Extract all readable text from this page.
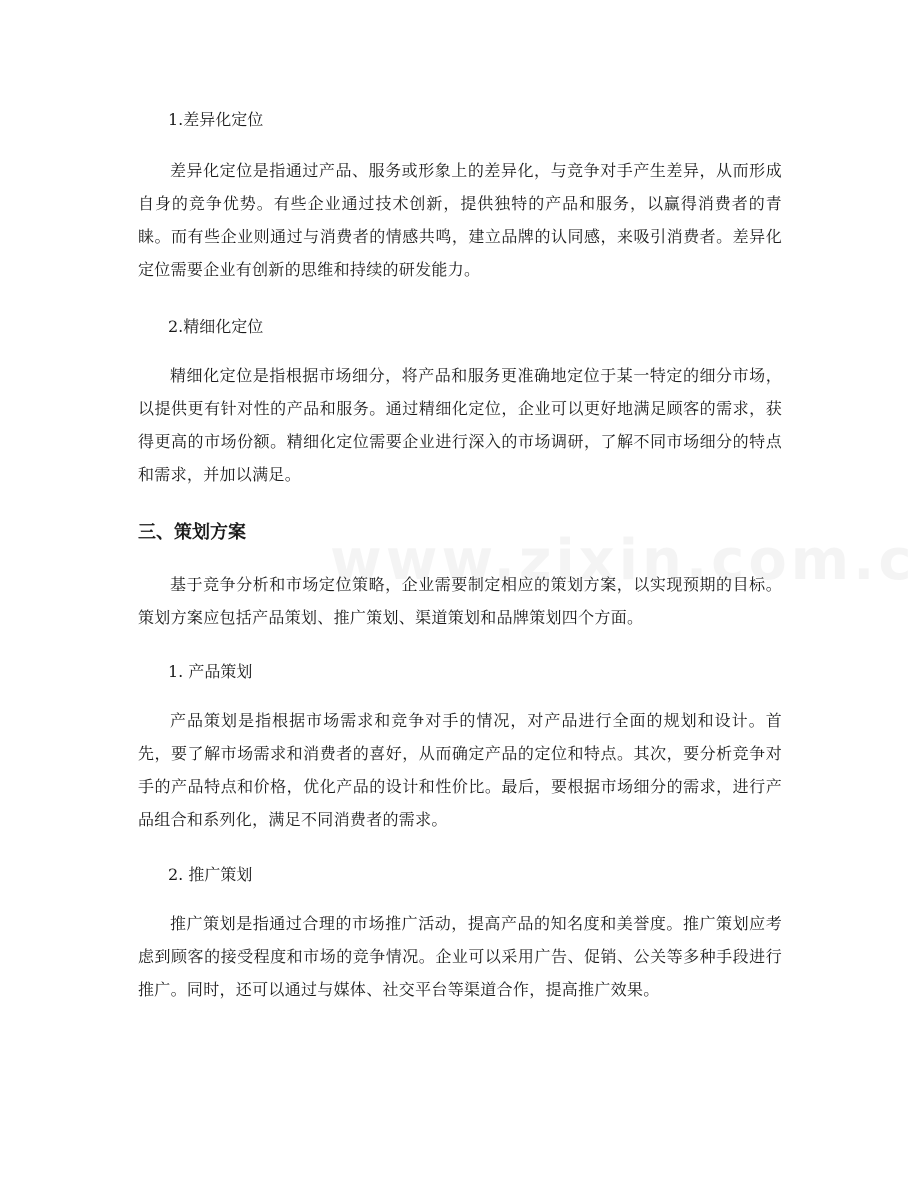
1.差异化定位

差异化定位是指通过产品、服务或形象上的差异化，与竞争对手产生差异，从而形成自身的竞争优势。有些企业通过技术创新，提供独特的产品和服务，以赢得消费者的青睐。而有些企业则通过与消费者的情感共鸣，建立品牌的认同感，来吸引消费者。差异化定位需要企业有创新的思维和持续的研发能力。

2.精细化定位

精细化定位是指根据市场细分，将产品和服务更准确地定位于某一特定的细分市场，以提供更有针对性的产品和服务。通过精细化定位，企业可以更好地满足顾客的需求，获得更高的市场份额。精细化定位需要企业进行深入的市场调研，了解不同市场细分的特点和需求，并加以满足。

三、策划方案

基于竞争分析和市场定位策略，企业需要制定相应的策划方案，以实现预期的目标。策划方案应包括产品策划、推广策划、渠道策划和品牌策划四个方面。

1. 产品策划

产品策划是指根据市场需求和竞争对手的情况，对产品进行全面的规划和设计。首先，要了解市场需求和消费者的喜好，从而确定产品的定位和特点。其次，要分析竞争对手的产品特点和价格，优化产品的设计和性价比。最后，要根据市场细分的需求，进行产品组合和系列化，满足不同消费者的需求。

2. 推广策划

推广策划是指通过合理的市场推广活动，提高产品的知名度和美誉度。推广策划应考虑到顾客的接受程度和市场的竞争情况。企业可以采用广告、促销、公关等多种手段进行推广。同时，还可以通过与媒体、社交平台等渠道合作，提高推广效果。
